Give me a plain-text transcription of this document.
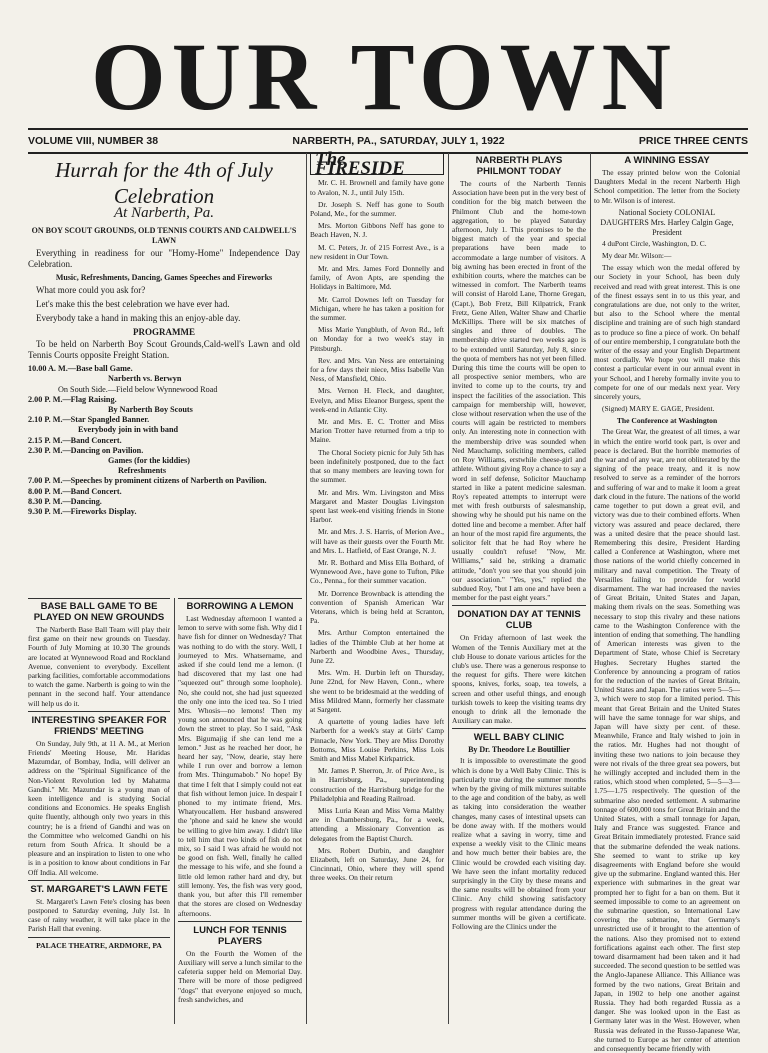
OUR TOWN
VOLUME VIII, NUMBER 38	NARBERTH, PA., SATURDAY, JULY 1, 1922	PRICE THREE CENTS
Hurrah for the 4th of July Celebration
At Narberth, Pa.
ON BOY SCOUT GROUNDS, OLD TENNIS COURTS AND CALDWELL'S LAWN

Everything in readiness for our "Homy-Home" Independence Day Celebration.

Music, Refreshments, Dancing, Games Speeches and Fireworks

What more could you ask for?

Let's make this the best celebration we have ever had.

Everybody take a hand in making this an enjoy-able day.

PROGRAMME

To be held on Narberth Boy Scout Grounds,Cald-well's Lawn and old Tennis Courts opposite Freight Station.

10.00 A. M.—Base ball Game.
Narberth vs. Berwyn
On South Side.—Field below Wynnewood Road
2.00 P. M.—Flag Raising.
By Narberth Boy Scouts
2.10 P. M.—Star Spangled Banner.
Everybody join in with band
2.15 P. M.—Band Concert.
2.30 P. M.—Dancing on Pavilion.
Games (for the kiddies)
Refreshments
7.00 P. M.—Speeches by prominent citizens of Narberth on Pavilion.
8.00 P. M.—Band Concert.
8.30 P. M.—Dancing.
9.30 P. M.—Fireworks Display.
BASE BALL GAME TO BE PLAYED ON NEW GROUNDS

The Narberth Base Ball Team will play their first game on their new grounds on Tuesday. Fourth of July Morning at 10.30 The grounds are located at Wynnewood Road and Rockland Avenue, convenient to everybody. Excellent parking facilities, comfortable accommodations to watch the game. Narberth is going to win the pennant in the second half. Your attendance will help us do it.

INTERESTING SPEAKER FOR FRIENDS' MEETING

On Sunday, July 9th, at 11 A. M., at Merion Friends' Meeting House, Mr. Haridas Mazumdar, of Bombay, India, will deliver an address on the "Spiritual Significance of the Non-Violent Revolution led by Mahatma Gandhi." Mr. Mazumdar is a young man of keen intelligence and is studying Social conditions and Economics. He speaks English quite fluently, although only two years in this country; he is a friend of Gandhi and was on the Committee who welcomed Gandhi on his return from South Africa. It should be a pleasure and an inspiration to listen to one who is in a position to know about conditions in Far Off India. All welcome.

ST. MARGARET'S LAWN FETE

St. Margaret's Lawn Fete's closing has been postponed to Saturday evening, July 1st. In case of rainy weather, it will take place in the Parish Hall that evening.

PALACE THEATRE, ARDMORE, PA
BORROWING A LEMON

Last Wednesday afternoon I wanted a lemon to serve with some fish. Why did I have fish for dinner on Wednesday? That was nothing to do with the story. Well, I journeyed to Mrs. Whatsername, and asked if she could lend me a lemon. (I had discovered that my last one had "squeezed out" through some loophole). No, she could not, she had just squeezed the only one into the iced tea. So I tried Mrs. Whosis—no lemons! Then my young son announced that he was going down the street to play. So I said, "Ask Mrs. Bigumajig if she can lend me a lemon." Just as he reached her door, he heard her say, "Now, dearie, stay here while I run over and borrow a lemon from Mrs. Thingumabob." No hope! By that time I felt that I simply could not eat that fish without lemon juice. In despair I phoned to my intimate friend, Mrs. Whatyoucallem. Her husband answered the 'phone and said he knew she would be willing to give him away. I didn't like to tell him that two kinds of fish do not mix, so I said I was afraid he would not be good on fish. Well, finally he called the message to his wife, and she found a little old lemon rather hard and dry, but still lemony. Yes, the fish was very good, thank you, but after this I'll remember that the stores are closed on Wednesday afternoons.

LUNCH FOR TENNIS PLAYERS

On the Fourth the Women of the Auxiliary will serve a lunch similar to the cafeteria supper held on Memorial Day. There will be more of those pedigreed "dogs" that everyone enjoyed so much, fresh sandwiches, and

The FIRESIDE

Mr. C. H. Brownell and family have gone to Avalon, N. J., until July 15th.

Dr. Joseph S. Neff has gone to South Poland, Me., for the summer.

Mrs. Morton Gibbons Neff has gone to Beach Haven, N. J.

M. C. Peters, Jr. of 215 Forrest Ave., is a new resident in Our Town.

Mr. and Mrs. James Ford Donnelly and family, of Avon Apts, are spending the Holidays in Baltimore, Md.

Mr. Carrol Downes left on Tuesday for Michigan, where he has taken a position for the summer.

Miss Marie Yungbluth, of Avon Rd., left on Monday for a two week's stay in Pittsburgh.

Rev. and Mrs. Van Ness are entertaining for a few days their niece, Miss Isabelle Van Ness, of Mansfield, Ohio.

Mrs. Vernon H. Fleck, and daughter, Evelyn, and Miss Eleanor Burgess, spent the week-end in Atlantic City.

Mr. and Mrs. E. C. Trotter and Miss Marion Trotter have returned from a trip to Maine.

The Choral Society picnic for July 5th has been indefinitely postponed, due to the fact that so many members are leaving town for the summer.

Mr. and Mrs. Wm. Livingston and Miss Margaret and Master Douglas Livingston spent last week-end visiting friends in Stone Harbor.

Mr. and Mrs. J. S. Harris, of Merion Ave., will have as their guests over the Fourth Mr. and Mrs. L. Hatfield, of East Orange, N. J.

Mr. R. Bothard and Miss Ella Bothard, of Wynnewood Ave., have gone to Tufton, Pike Co., Penna., for their summer vacation.

Mr. Dorrence Brownback is attending the convention of Spanish American War Veterans, which is being held at Scranton, Pa.

Mrs. Arthur Compton entertained the ladies of the Thimble Club at her home at Narberth and Woodbine Aves., Thursday, June 22.

Mrs. Wm. H. Durbin left on Thursday, June 22nd, for New Haven, Conn., where she went to be bridesmaid at the wedding of Miss Mildred Mann, formerly her classmate at Sargent.

A quartette of young ladies have left Narberth for a week's stay at Girls' Camp Pinnacle, New York. They are Miss Dorothy Bottoms, Miss Louise Perkins, Miss Lois Smith and Miss Mabel Kirkpatrick.

Mr. James P. Sherron, Jr. of Price Ave., is in Harrisburg, Pa., superintending construction of the Harrisburg bridge for the Philadelphia and Reading Railroad.

Miss Luria Kean and Miss Verna Maltby are in Chambersburg, Pa., for a week, attending a Missionary Convention as delegates from the Baptist Church.

Mrs. Robert Durbin, and daughter Elizabeth, left on Saturday, June 24, for Cincinnati, Ohio, where they will spend three weeks. On their return

NARBERTH PLAYS PHILMONT TODAY

The courts of the Narberth Tennis Association have been put in the very best of condition for the big match between the Philmont Club and the home-town aggregation, to be played Saturday afternoon, July 1. This promises to be the biggest match of the year and special preparations have been made to accommodate a large number of visitors. A big awning has been erected in front of the exhibition courts, where the matches can be witnessed in comfort. The Narberth teams will consist of Harold Lane, Thorne Gregan, (Capt.), Bob Fretz, Bill Kilpatrick, Frank Fretz, Gene Allen, Walter Shaw and Charlie McKillips. There will be six matches of singles and three of doubles. The membership drive started two weeks ago is to be extended until Saturday, July 8, since the quota of members has not yet been filled. During this time the courts will be open to all prospective senior members, who are invited to come up to the courts, try and inspect the facilities of the association. This campaign for membership will, however, close without reservation when the use of the courts will again be restricted to members only. An interesting note in connection with the membership drive was sounded when Ned Mauchamp, soliciting members, called on Roy Williams, erstwhile cheese-girl and athlete. Without giving Roy a chance to say a word in self defense, Solicitor Mauchamp started in like a patent medicine salesman. Roy's repeated attempts to interrupt were met with fresh outbursts of salesmanship, showing why he should put his name on the dotted line and become a member. After half an hour of the most rapid fire arguments, the solicitor felt that he had Roy where he usually couldn't refuse! "Now, Mr. Williams," said he, striking a dramatic attitude, "don't you see that you should join our association." "Yes, yes," replied the subdued Roy, "but I am one and have been a member for the past eight years."

DONATION DAY AT TENNIS CLUB

On Friday afternoon of last week the Women of the Tennis Auxiliary met at the club House to donate various articles for the club's use. There was a generous response to the request for gifts. There were kitchen spoons, knives, forks, soap, tea towels, a screen and other useful things, and enough turkish towels to keep the visiting teams dry enough to drink all the lemonade the Auxiliary can make.

WELL BABY CLINIC
By Dr. Theodore Le Boutillier

It is impossible to overestimate the good which is done by a Well Baby Clinic. This is particularly true during the summer months when by the giving of milk mixtures suitable to the age and condition of the baby, as well as taking into consideration the weather changes, many cases of intestinal upsets can be done away with. If the mothers would realize what a saving in worry, time and expense a weekly visit to the Clinic means and how much better their babies are, the Clinic would be crowded each visiting day. We have seen the infant mortality reduced surprisingly in the City by these means and the same results will be obtained from your Clinic. Any child showing satisfactory progress with regular attendance during the summer months will be given a certificate. Following are the Clinics under the

A WINNING ESSAY

The essay printed below won the Colonial Daughters Medal in the recent Narberth High School competition. The letter from the Society to Mr. Wilson is of interest.

National Society COLONIAL DAUGHTERS Mrs. Harley Calgin Gage, President

4 duPont Circle, Washington, D. C.

My dear Mr. Wilson:—

The essay which won the medal offered by our Society in your School, has been duly received and read with great interest. This is one of the finest essays sent in to us this year, and congratulations are due, not only to the writer, but also to the School where the mental discipline and training are of such high standard as to produce so fine a piece of work. On behalf of our entire membership, I congratulate both the writer of the essay and your English Department most cordially. We hope you will make this contest a particular event in our annual event in your School, and I hereby formally invite you to compete for one of our medals next year. Very sincerely yours,

(Signed) MARY E. GAGE, President.

The Conference at Washington

The Great War, the greatest of all times, a war in which the entire world took part, is over and peace is declared. But the horrible memories of the war and of any war, are not obliterated by the signing of the peace treaty, and it is now resolved to serve as a reminder of the horrors and suffering of war and to make it loom a great dark cloud in the future. The nations of the world came together to put down a great evil, and victory was due to their combined efforts. When victory was assured and peace declared, there was a united desire that the peace should last. Remembering this desire, President Harding called a Conference at Washington, where met those nations of the world chiefly concerned in military and naval competition. The Treaty of Versailles failing to provide for world disarmament. The war had increased the navies of Great Britain, United States and Japan, making them rivals on the seas. Something was necessary to stop this rivalry and these nations came to the Washington Conference with the intention of ending that something. The handling of American interests was given to the Department of State, whose Chief is Secretary Hughes. Secretary Hughes started the Conference by announcing a program of ratios for the reduction of the navies of Great Britain, United States and Japan. The ratios were 5—5—3, which were to stop for a limited period. This meant that Great Britain and the United States will have the same tonnage for war ships, and Japan will have sixty per cent. of these. Meanwhile, France and Italy wished to join in the ratios. Mr. Hughes had not thought of inviting these two nations to join because they were not rivals of the three great sea powers, but he willingly accepted and included them in the ratios, which stood when completed, 5—5—3—1.75—1.75 respectively. The question of the submarine also needed settlement. A submarine tonnage of 600,000 tons for Great Britain and the United States, with a small tonnage for Japan, Italy and France was suggested. France and Great Britain immediately protested. France said that the submarine defended the weak nations. She seemed to want to strike up key disagreements with England before she would give up the submarine. England wanted this. Her experience with submarines in the great war prompted her to fight for a ban on them. But it seemed impossible to come to an agreement on the submarine question, so International Law covering the submarine, that Germany's unrestricted use of it brought to the attention of the nations. Also they promised not to extend fortifications against each other. The first step toward disarmament had been taken and it had succeeded. The second question to be settled was the Anglo-Japanese Alliance. This Alliance was formed by the two nations, Great Britain and Japan, in 1902 to help one another against Russia. They had both regarded Russia as a danger. She was looked upon in the East as Germany later was in the West. However, when Russia was defeated in the Russo-Japanese War, she turned to Europe as her center of attention and consequently became friendly with
